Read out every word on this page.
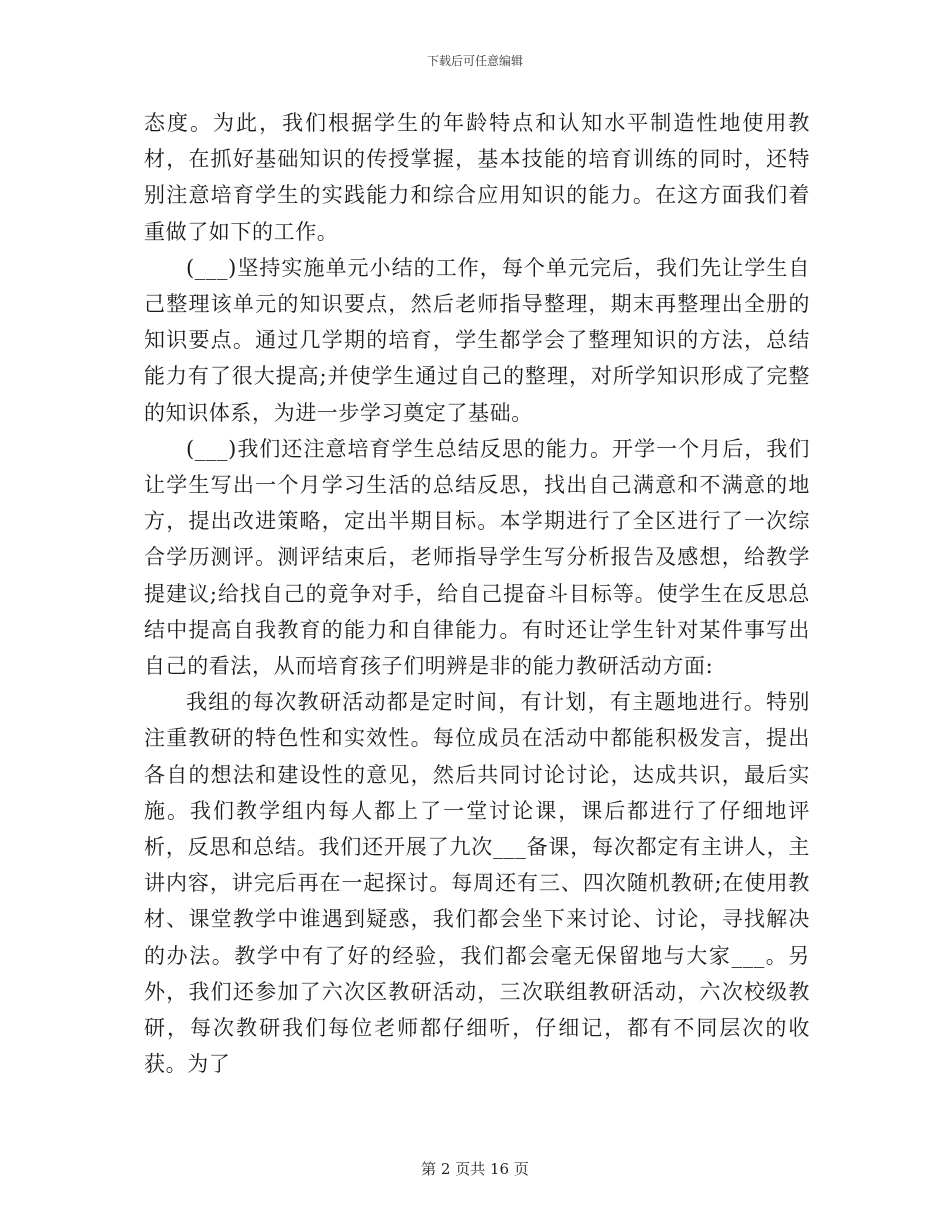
下载后可任意编辑

态度。为此，我们根据学生的年龄特点和认知水平制造性地使用教材，在抓好基础知识的传授掌握，基本技能的培育训练的同时，还特别注意培育学生的实践能力和综合应用知识的能力。在这方面我们着重做了如下的工作。

(___)坚持实施单元小结的工作，每个单元完后，我们先让学生自己整理该单元的知识要点，然后老师指导整理，期末再整理出全册的知识要点。通过几学期的培育，学生都学会了整理知识的方法，总结能力有了很大提高;并使学生通过自己的整理，对所学知识形成了完整的知识体系，为进一步学习奠定了基础。

(___)我们还注意培育学生总结反思的能力。开学一个月后，我们让学生写出一个月学习生活的总结反思，找出自己满意和不满意的地方，提出改进策略，定出半期目标。本学期进行了全区进行了一次综合学历测评。测评结束后，老师指导学生写分析报告及感想，给教学提建议;给找自己的竟争对手，给自己提奋斗目标等。使学生在反思总结中提高自我教育的能力和自律能力。有时还让学生针对某件事写出自己的看法，从而培育孩子们明辨是非的能力教研活动方面:

我组的每次教研活动都是定时间，有计划，有主题地进行。特别注重教研的特色性和实效性。每位成员在活动中都能积极发言，提出各自的想法和建设性的意见，然后共同讨论讨论，达成共识，最后实施。我们教学组内每人都上了一堂讨论课，课后都进行了仔细地评析，反思和总结。我们还开展了九次___备课，每次都定有主讲人，主讲内容，讲完后再在一起探讨。每周还有三、四次随机教研;在使用教材、课堂教学中谁遇到疑惑，我们都会坐下来讨论、讨论，寻找解决的办法。教学中有了好的经验，我们都会毫无保留地与大家___。另外，我们还参加了六次区教研活动，三次联组教研活动，六次校级教研，每次教研我们每位老师都仔细听，仔细记，都有不同层次的收获。为了

第 2 页共 16 页
